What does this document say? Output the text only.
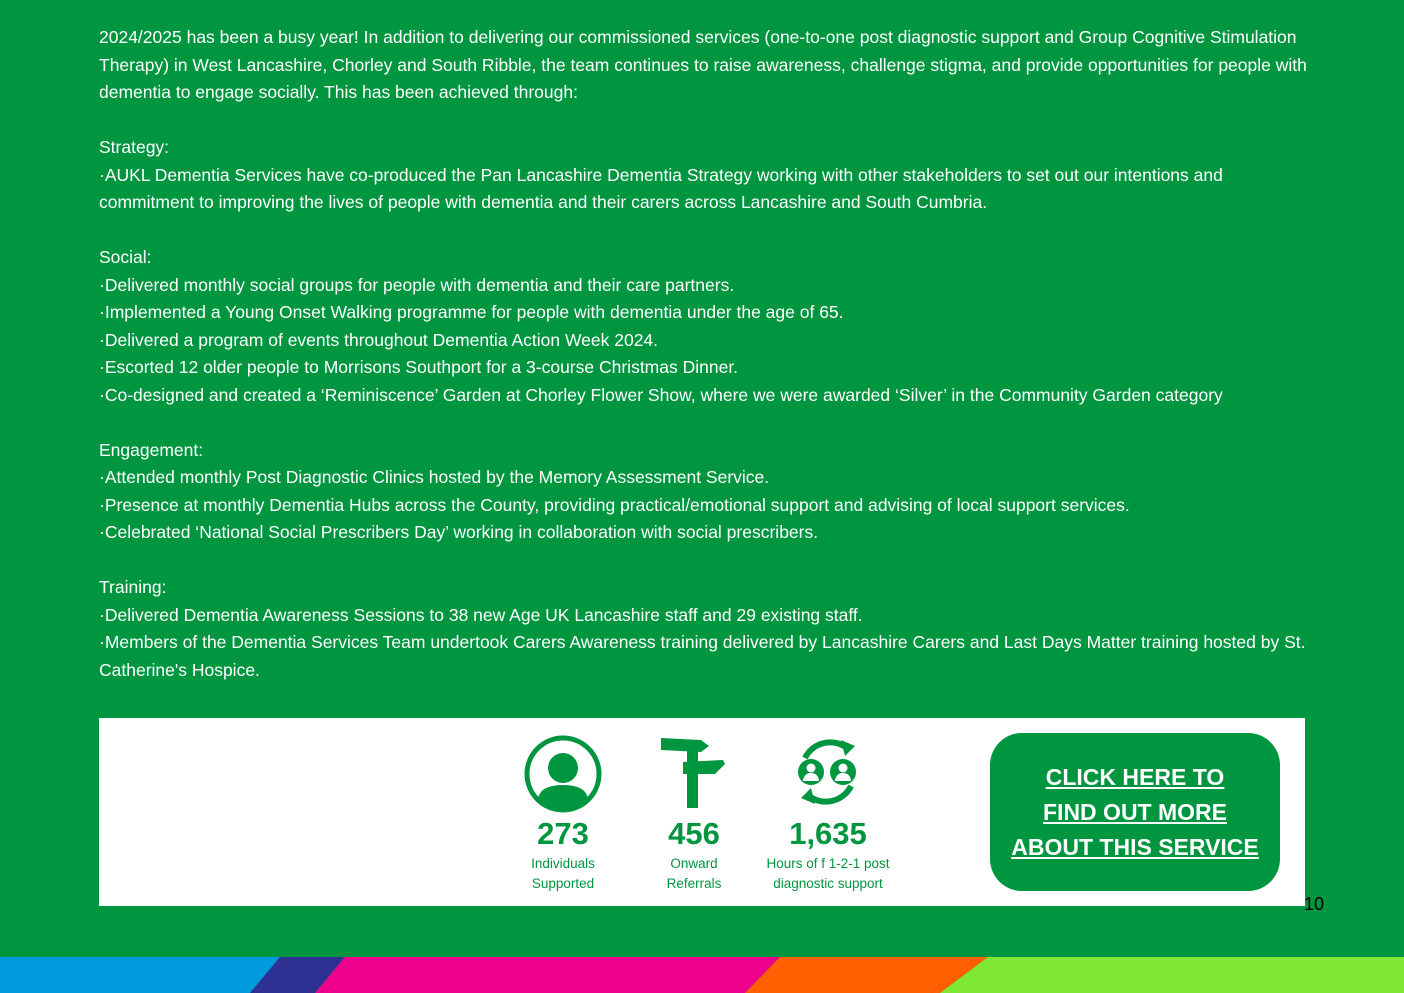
2024/2025 has been a busy year! In addition to delivering our commissioned services (one-to-one post diagnostic support and Group Cognitive Stimulation Therapy) in West Lancashire, Chorley and South Ribble, the team continues to raise awareness, challenge stigma, and provide opportunities for people with dementia to engage socially. This has been achieved through:

Strategy:

·AUKL Dementia Services have co-produced the Pan Lancashire Dementia Strategy working with other stakeholders to set out our intentions and commitment to improving the lives of people with dementia and their carers across Lancashire and South Cumbria.

Social:

·Delivered monthly social groups for people with dementia and their care partners.

·Implemented a Young Onset Walking programme for people with dementia under the age of 65.

·Delivered a program of events throughout Dementia Action Week 2024.

·Escorted 12 older people to Morrisons Southport for a 3-course Christmas Dinner.

·Co-designed and created a ‘Reminiscence’ Garden at Chorley Flower Show, where we were awarded ‘Silver’ in the Community Garden category

Engagement:

·Attended monthly Post Diagnostic Clinics hosted by the Memory Assessment Service.

·Presence at monthly Dementia Hubs across the County, providing practical/emotional support and advising of local support services.

·Celebrated ‘National Social Prescribers Day’ working in collaboration with social prescribers.

Training:

·Delivered Dementia Awareness Sessions to 38 new Age UK Lancashire staff and 29 existing staff.

·Members of the Dementia Services Team undertook Carers Awareness training delivered by Lancashire Carers and Last Days Matter training hosted by St. Catherine's Hospice.

273
Individuals
Supported
456
Onward
Referrals
1,635
Hours of f 1-2-1 post
diagnostic support
CLICK HERE TO
FIND OUT MORE
ABOUT THIS SERVICE
10
